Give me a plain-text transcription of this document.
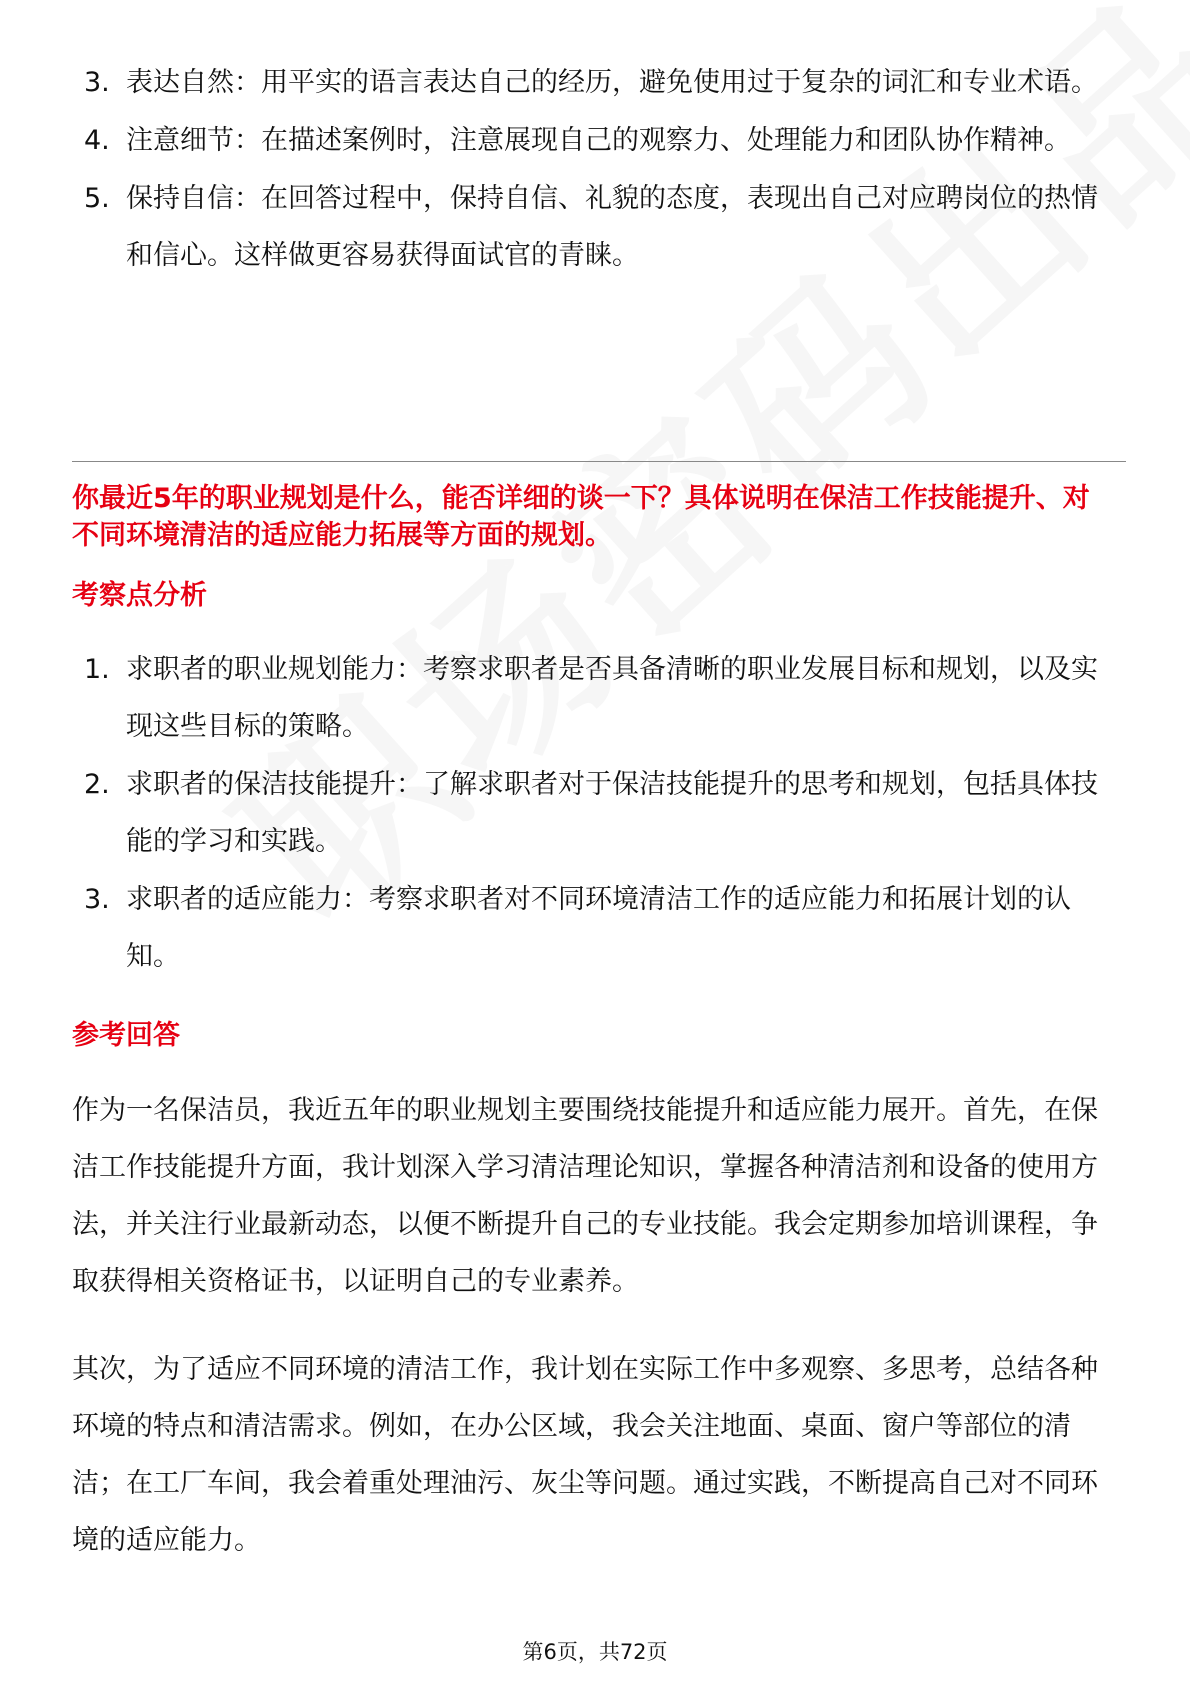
3. 表达自然：用平实的语言表达自己的经历，避免使用过于复杂的词汇和专业术语。
4. 注意细节：在描述案例时，注意展现自己的观察力、处理能力和团队协作精神。
5. 保持自信：在回答过程中，保持自信、礼貌的态度，表现出自己对应聘岗位的热情和信心。这样做更容易获得面试官的青睐。

你最近5年的职业规划是什么，能否详细的谈一下？具体说明在保洁工作技能提升、对不同环境清洁的适应能力拓展等方面的规划。

考察点分析

1. 求职者的职业规划能力：考察求职者是否具备清晰的职业发展目标和规划，以及实现这些目标的策略。
2. 求职者的保洁技能提升：了解求职者对于保洁技能提升的思考和规划，包括具体技能的学习和实践。
3. 求职者的适应能力：考察求职者对不同环境清洁工作的适应能力和拓展计划的认知。

参考回答

作为一名保洁员，我近五年的职业规划主要围绕技能提升和适应能力展开。首先，在保洁工作技能提升方面，我计划深入学习清洁理论知识，掌握各种清洁剂和设备的使用方法，并关注行业最新动态，以便不断提升自己的专业技能。我会定期参加培训课程，争取获得相关资格证书，以证明自己的专业素养。

其次，为了适应不同环境的清洁工作，我计划在实际工作中多观察、多思考，总结各种环境的特点和清洁需求。例如，在办公区域，我会关注地面、桌面、窗户等部位的清洁；在工厂车间，我会着重处理油污、灰尘等问题。通过实践，不断提高自己对不同环境的适应能力。

第6页，共72页
